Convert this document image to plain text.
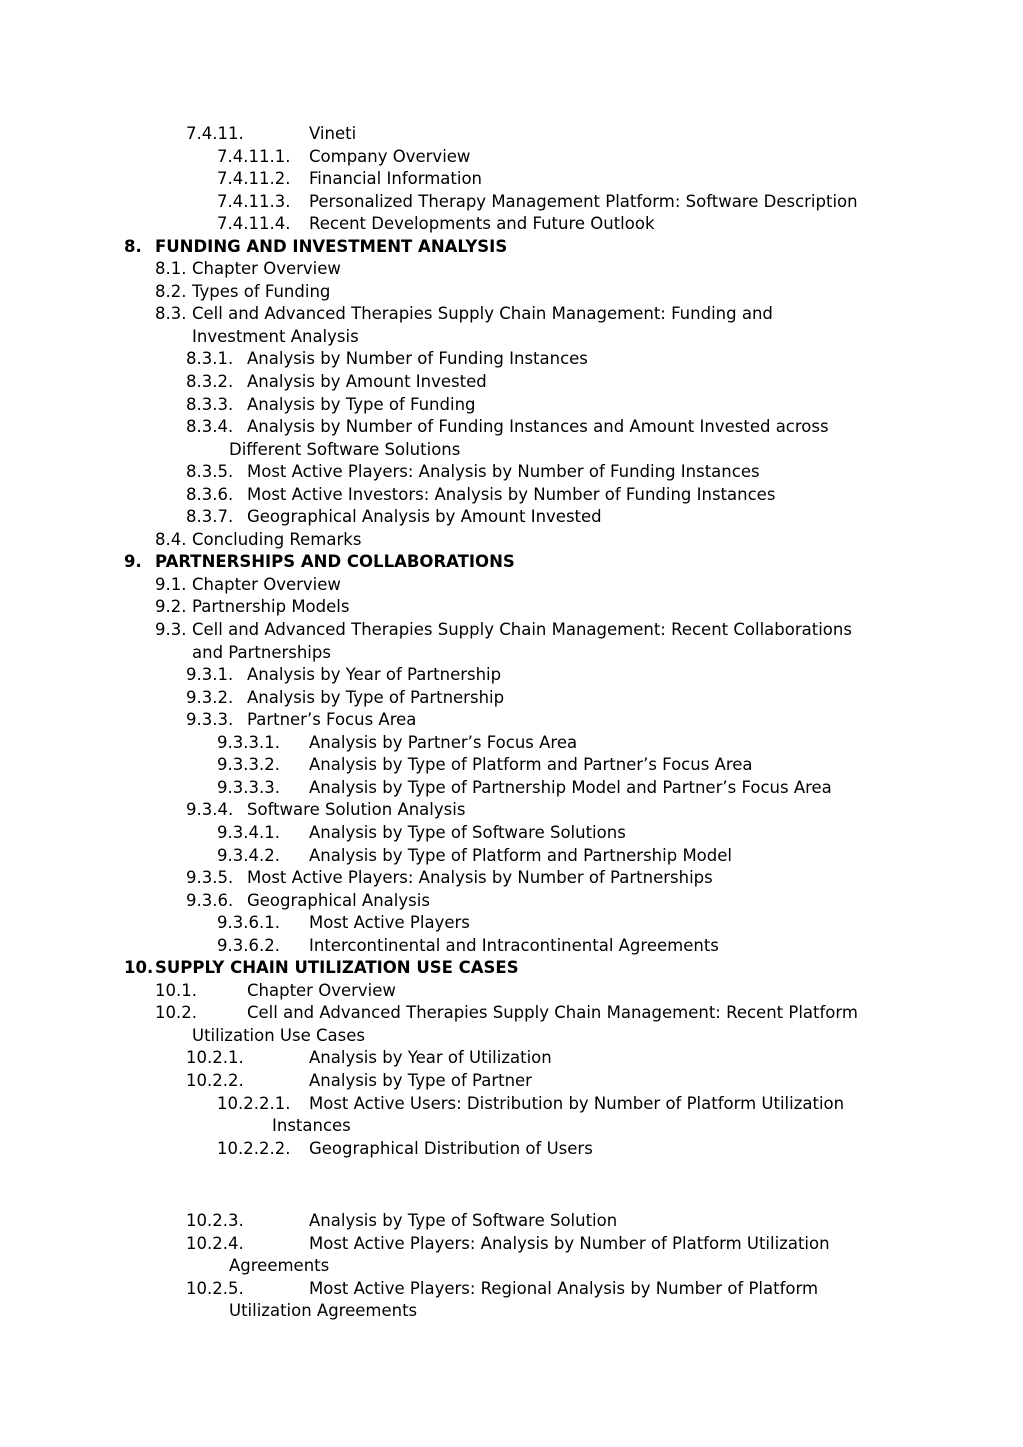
7.4.11.	Vineti
7.4.11.1. Company Overview
7.4.11.2. Financial Information
7.4.11.3. Personalized Therapy Management Platform: Software Description
7.4.11.4. Recent Developments and Future Outlook
8. FUNDING AND INVESTMENT ANALYSIS
8.1. Chapter Overview
8.2. Types of Funding
8.3. Cell and Advanced Therapies Supply Chain Management: Funding and
Investment Analysis
8.3.1. Analysis by Number of Funding Instances
8.3.2. Analysis by Amount Invested
8.3.3. Analysis by Type of Funding
8.3.4. Analysis by Number of Funding Instances and Amount Invested across
Different Software Solutions
8.3.5. Most Active Players: Analysis by Number of Funding Instances
8.3.6. Most Active Investors: Analysis by Number of Funding Instances
8.3.7. Geographical Analysis by Amount Invested
8.4. Concluding Remarks
9. PARTNERSHIPS AND COLLABORATIONS
9.1. Chapter Overview
9.2. Partnership Models
9.3. Cell and Advanced Therapies Supply Chain Management: Recent Collaborations
and Partnerships
9.3.1. Analysis by Year of Partnership
9.3.2. Analysis by Type of Partnership
9.3.3. Partner’s Focus Area
9.3.3.1. Analysis by Partner’s Focus Area
9.3.3.2. Analysis by Type of Platform and Partner’s Focus Area
9.3.3.3. Analysis by Type of Partnership Model and Partner’s Focus Area
9.3.4. Software Solution Analysis
9.3.4.1. Analysis by Type of Software Solutions
9.3.4.2. Analysis by Type of Platform and Partnership Model
9.3.5. Most Active Players: Analysis by Number of Partnerships
9.3.6. Geographical Analysis
9.3.6.1. Most Active Players
9.3.6.2. Intercontinental and Intracontinental Agreements
10. SUPPLY CHAIN UTILIZATION USE CASES
10.1.	Chapter Overview
10.2.	Cell and Advanced Therapies Supply Chain Management: Recent Platform
Utilization Use Cases
10.2.1.	Analysis by Year of Utilization
10.2.2.	Analysis by Type of Partner
10.2.2.1. Most Active Users: Distribution by Number of Platform Utilization
Instances
10.2.2.2. Geographical Distribution of Users
10.2.3.	Analysis by Type of Software Solution
10.2.4.	Most Active Players: Analysis by Number of Platform Utilization
Agreements
10.2.5.	Most Active Players: Regional Analysis by Number of Platform
Utilization Agreements
